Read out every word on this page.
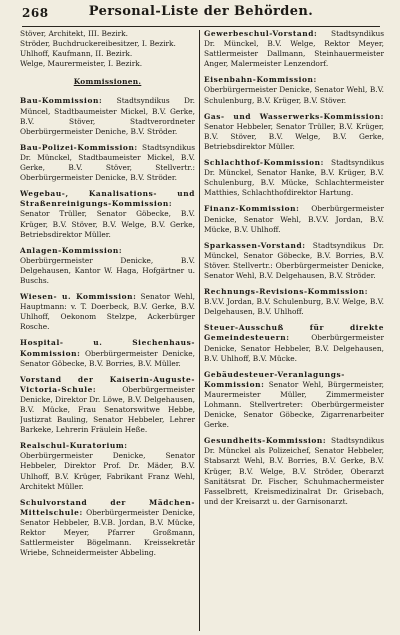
268	Personal-Liste der Behörden.

Stöver, Architekt, III. Bezirk.

Ströder, Buchdruckereibesitzer, I. Bezirk.

Uhlhoff, Kaufmann, II. Bezirk.

Welge, Maurermeister, I. Bezirk.

Kommissionen.

Bau-Kommission: Stadtsyndikus Dr. Müncel, Stadtbaumeister Mickel, B.V. Gerke, B.V. Stöver, Stadtverordneter Oberbürgermeister Deniche, B.V. Ströder.

Bau-Polizei-Kommission: Stadtsyndikus Dr. Münckel, Stadtbaumeister Mickel, B.V. Gerke, B.V. Stöver, Stellvertr.: Oberbürgermeister Denicke, B.V. Ströder.

Wegebau-, Kanalisations- und Straßenreinigungs-Kommission: Senator Trüller, Senator Göbecke, B.V. Krüger, B.V. Stöver, B.V. Welge, B.V. Gerke, Betriebsdirektor Müller.

Anlagen-Kommission: Oberbürgermeister Denicke, B.V. Delgehausen, Kantor W. Haga, Hofgärtner u. Buschs.

Wiesen- u. Kommission: Senator Wehl, Hauptmann: v. T. Doerbeck, B.V. Gerke, B.V. Uhlhoff, Oekonom Stelzpe, Ackerbürger Rosche.

Hospital- u. Siechenhaus-Kommission: Oberbürgermeister Denicke, Senator Göbecke, B.V. Borries, B.V. Müller.

Vorstand der Kaiserin-Auguste-Victoria-Schule:	Oberbürgermeister Denicke, Direktor Dr. Löwe, B.V. Delgehausen, B.V. Mücke, Frau Senatorswitwe Hebbe, Justizrat Bauling, Senator Hebbeler, Lehrer Barkeke, Lehrerin Fräulein Heße.

Realschul-Kuratorium: Oberbürgermeister Denicke, Senator Hebbeler, Direktor Prof. Dr. Mäder, B.V. Uhlhoff, B.V. Krüger, Fabrikant Franz Wehl, Architekt Müller.

Schulvorstand der Mädchen-Mittelschule: Oberbürgermeister Denicke, Senator Hebbeler, B.V.B. Jordan, B.V. Mücke, Rektor Meyer, Pfarrer Großmann, Sattlermeister Bögelmann. Kreissekretär Wriebe, Schneidermeister Abbeling.

Gewerbeschul-Vorstand: Stadtsyndikus Dr. Münckel, B.V. Welge, Rektor Meyer, Sattlermeister Dallmann, Steinhauermeister Anger, Malermeister Lenzendorf.

Eisenbahn-Kommission: Oberbürgermeister Denicke, Senator Wehl, B.V. Schulenburg, B.V. Krüger, B.V. Stöver.

Gas- und Wasserwerks-Kommission: Senator Hebbeler, Senator Trüller, B.V. Krüger, B.V. Stöver, B.V. Welge, B.V. Gerke, Betriebsdirektor Müller.

Schlachthof-Kommission: Stadtsyndikus Dr. Münckel, Senator Hanke, B.V. Krüger, B.V. Schulenburg, B.V. Mücke, Schlachtermeister Matthies, Schlachthofdirektor Hartung.

Finanz-Kommission: Oberbürgermeister Denicke, Senator Wehl, B.V.V. Jordan, B.V. Mücke, B.V. Uhlhoff.

Sparkassen-Vorstand: Stadtsyndikus Dr. Münckel, Senator Göbecke, B.V. Borries, B.V. Stöver. Stellvertr.: Oberbürgermeister Denicke, Senator Wehl, B.V. Delgehausen, B.V. Ströder.

Rechnungs-Revisions-Kommission: B.V.V. Jordan, B.V. Schulenburg, B.V. Welge, B.V. Delgehausen, B.V. Uhlhoff.

Steuer-Ausschuß für direkte Gemeindesteuern:	Oberbürgermeister Denicke, Senator Hebbeler, B.V. Delgehausen, B.V. Uhlhoff, B.V. Mücke.

Gebäudesteuer-Veranlagungs-Kommission: Senator Wehl, Bürgermeister, Maurermeister Müller, Zimmermeister Lohmann. Stellvertreter: Oberbürgermeister Denicke, Senator Göbecke, Zigarrenarbeiter Gerke.

Gesundheits-Kommission: Stadtsyndikus Dr. Münckel als Polizeichef, Senator Hebbeler, Stabsarzt Wehl, B.V. Borries, B.V. Gerke, B.V. Krüger, B.V. Welge, B.V. Ströder, Oberarzt Sanitätsrat Dr. Fischer, Schuhmachermeister Fasselbrett, Kreismedizinalrat Dr. Grisebach, und der Kreisarzt u. der Garnisonarzt.
